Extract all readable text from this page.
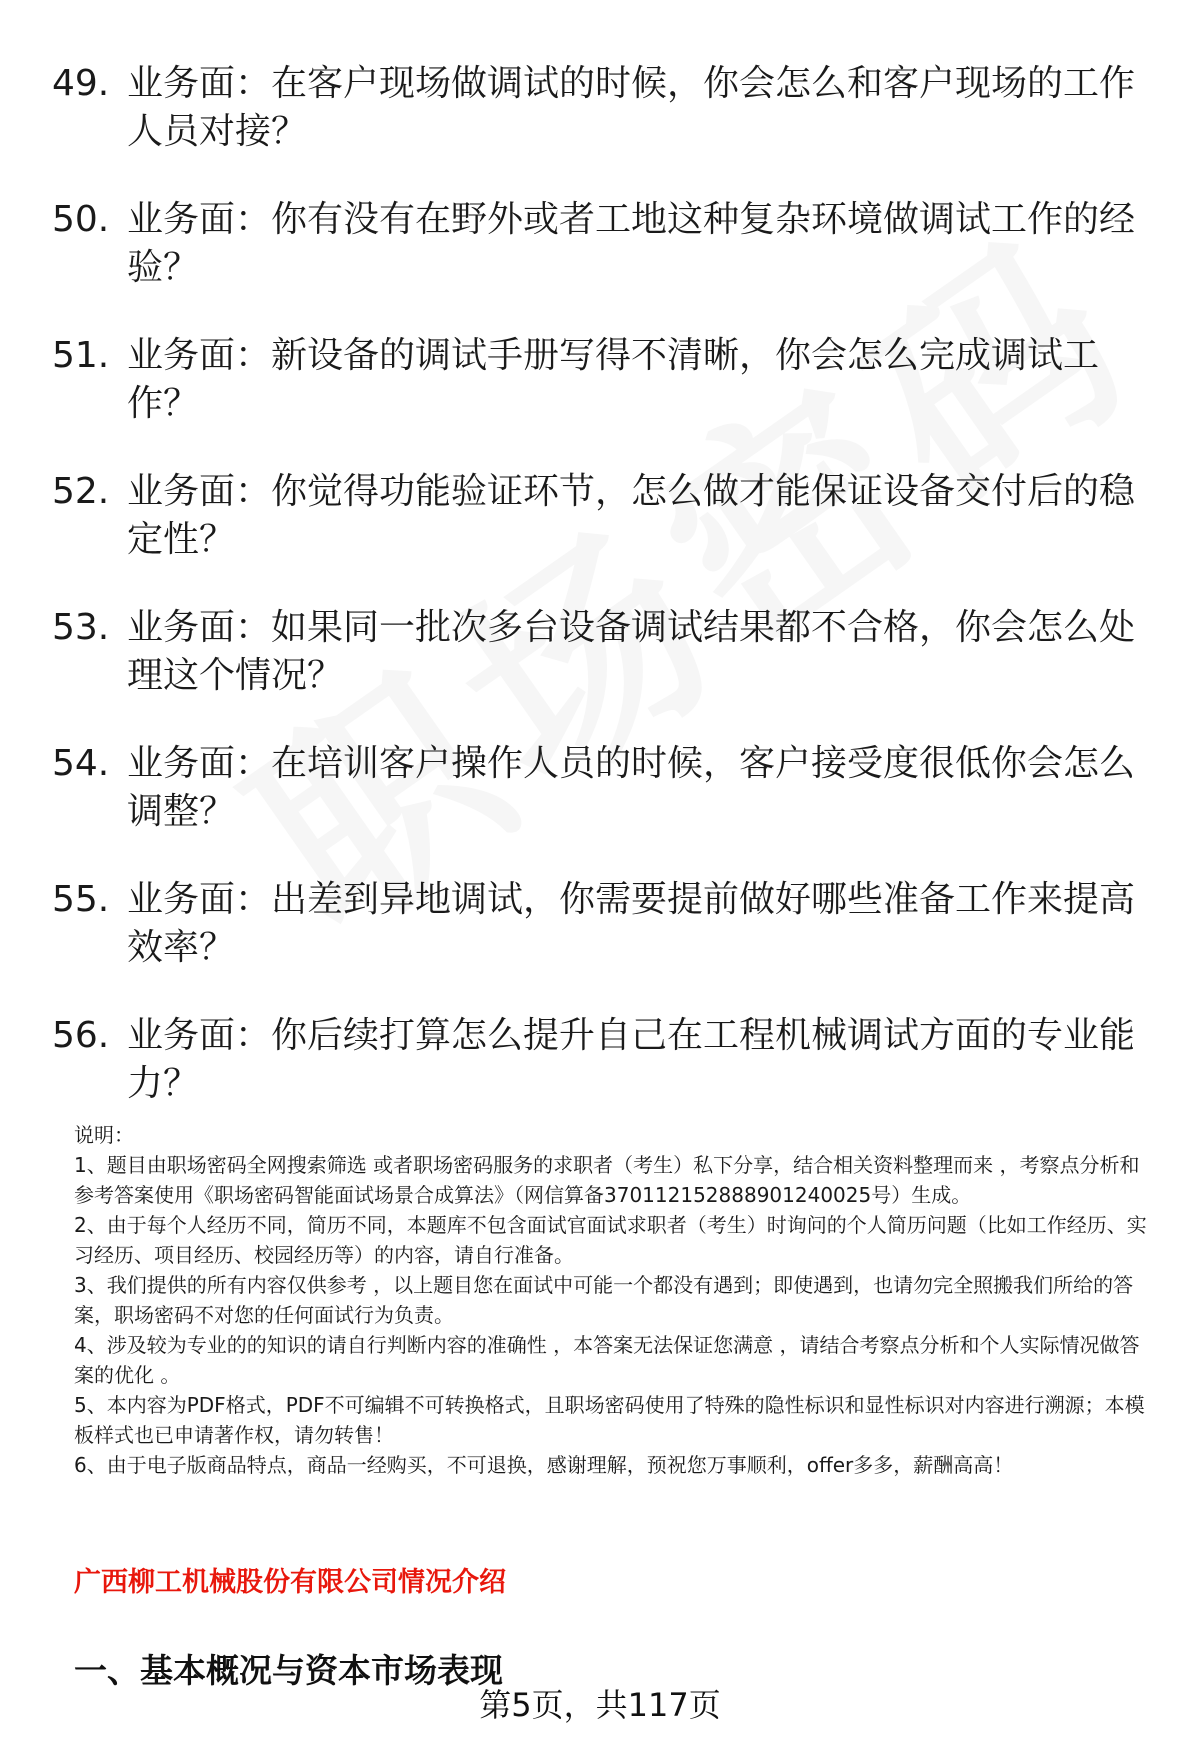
49. 业务面：在客户现场做调试的时候，你会怎么和客户现场的工作人员对接？
50. 业务面：你有没有在野外或者工地这种复杂环境做调试工作的经验？
51. 业务面：新设备的调试手册写得不清晰，你会怎么完成调试工作？
52. 业务面：你觉得功能验证环节，怎么做才能保证设备交付后的稳定性？
53. 业务面：如果同一批次多台设备调试结果都不合格，你会怎么处理这个情况？
54. 业务面：在培训客户操作人员的时候，客户接受度很低你会怎么调整？
55. 业务面：出差到异地调试，你需要提前做好哪些准备工作来提高效率？
56. 业务面：你后续打算怎么提升自己在工程机械调试方面的专业能力？

说明：

1、题目由职场密码全网搜索筛选 或者职场密码服务的求职者（考生）私下分享，结合相关资料整理而来 ，考察点分析和参考答案使用《职场密码智能面试场景合成算法》（网信算备370112152888901240025号）生成。

2、由于每个人经历不同，简历不同，本题库不包含面试官面试求职者（考生）时询问的个人简历问题（比如工作经历、实习经历、项目经历、校园经历等）的内容，请自行准备。

3、我们提供的所有内容仅供参考 ，以上题目您在面试中可能一个都没有遇到；即使遇到，也请勿完全照搬我们所给的答案，职场密码不对您的任何面试行为负责。

4、涉及较为专业的的知识的请自行判断内容的准确性 ，本答案无法保证您满意 ，请结合考察点分析和个人实际情况做答案的优化 。

5、本内容为PDF格式，PDF不可编辑不可转换格式，且职场密码使用了特殊的隐性标识和显性标识对内容进行溯源；本模板样式也已申请著作权，请勿转售！

6、由于电子版商品特点，商品一经购买，不可退换，感谢理解，预祝您万事顺利，offer多多，薪酬高高！

广西柳工机械股份有限公司情况介绍
一、基本概况与资本市场表现
第5页，共117页
